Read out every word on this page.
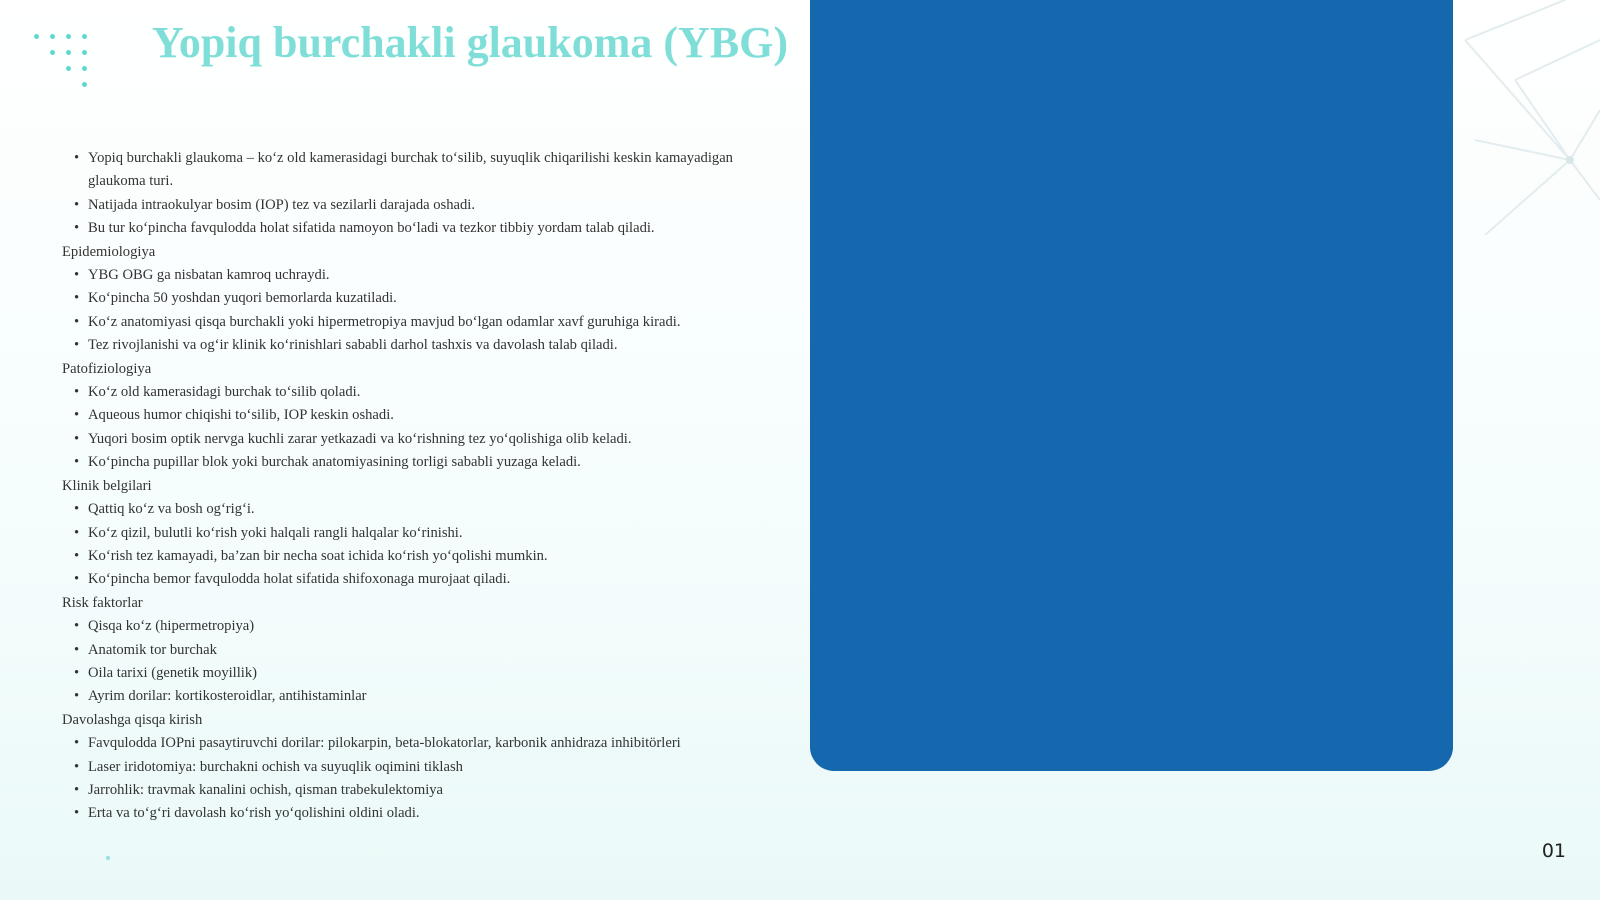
Yopiq burchakli glaukoma (YBG)
• Yopiq burchakli glaukoma – ko‘z old kamerasidagi burchak to‘silib, suyuqlik chiqarilishi keskin kamayadigan glaukoma turi.
• Natijada intraokulyar bosim (IOP) tez va sezilarli darajada oshadi.
• Bu tur ko‘pincha favqulodda holat sifatida namoyon bo‘ladi va tezkor tibbiy yordam talab qiladi.

Epidemiologiya

• YBG OBG ga nisbatan kamroq uchraydi.
• Ko‘pincha 50 yoshdan yuqori bemorlarda kuzatiladi.
• Ko‘z anatomiyasi qisqa burchakli yoki hipermetropiya mavjud bo‘lgan odamlar xavf guruhiga kiradi.
• Tez rivojlanishi va og‘ir klinik ko‘rinishlari sababli darhol tashxis va davolash talab qiladi.

Patofiziologiya

• Ko‘z old kamerasidagi burchak to‘silib qoladi.
• Aqueous humor chiqishi to‘silib, IOP keskin oshadi.
• Yuqori bosim optik nervga kuchli zarar yetkazadi va ko‘rishning tez yo‘qolishiga olib keladi.
• Ko‘pincha pupillar blok yoki burchak anatomiyasining torligi sababli yuzaga keladi.

Klinik belgilari

• Qattiq ko‘z va bosh og‘rig‘i.
• Ko‘z qizil, bulutli ko‘rish yoki halqali rangli halqalar ko‘rinishi.
• Ko‘rish tez kamayadi, ba’zan bir necha soat ichida ko‘rish yo‘qolishi mumkin.
• Ko‘pincha bemor favqulodda holat sifatida shifoxonaga murojaat qiladi.

Risk faktorlar

• Qisqa ko‘z (hipermetropiya)
• Anatomik tor burchak
• Oila tarixi (genetik moyillik)
• Ayrim dorilar: kortikosteroidlar, antihistaminlar

Davolashga qisqa kirish

• Favqulodda IOPni pasaytiruvchi dorilar: pilokarpin, beta-blokatorlar, karbonik anhidraza inhibitörleri
• Laser iridotomiya: burchakni ochish va suyuqlik oqimini tiklash
• Jarrohlik: travmak kanalini ochish, qisman trabekulektomiya
• Erta va to‘g‘ri davolash ko‘rish yo‘qolishini oldini oladi.
01
